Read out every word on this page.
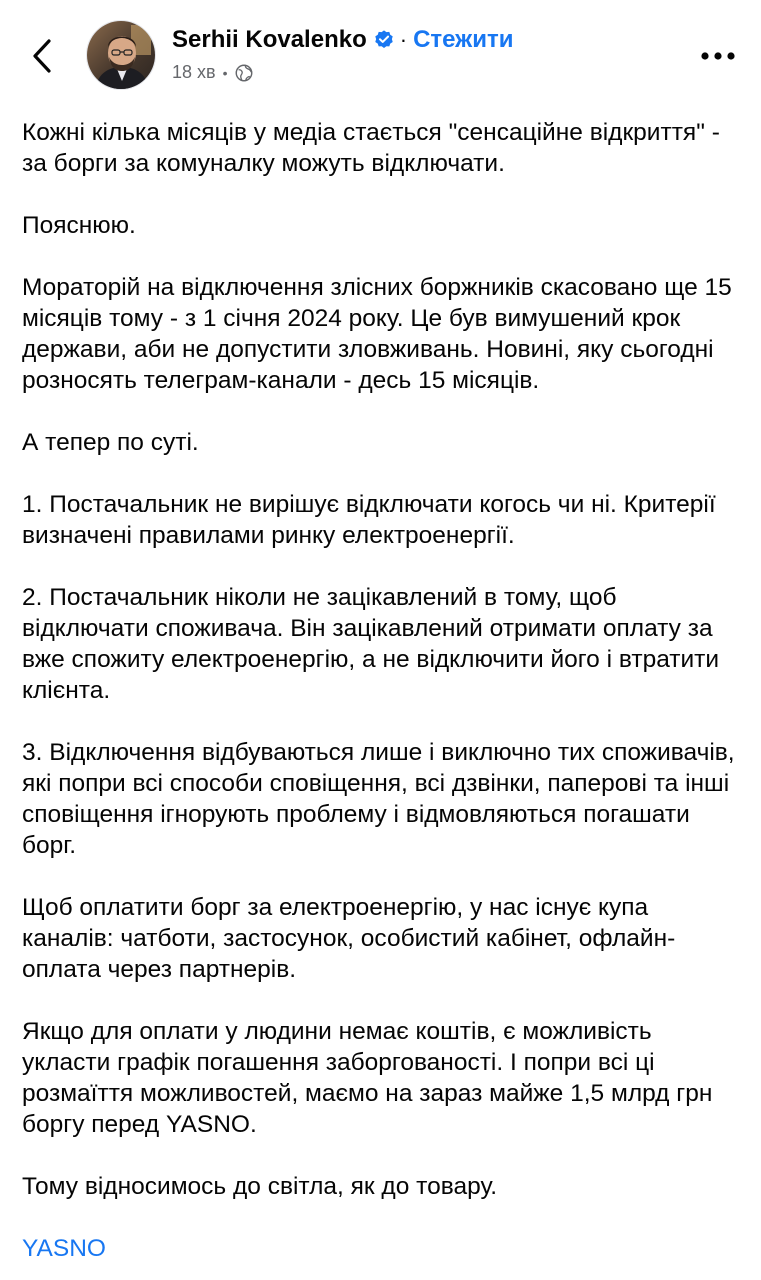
Serhii Kovalenko · Стежити
18 хв •

Кожні кілька місяців у медіа стається "сенсаційне відкриття" - за борги за комуналку можуть відключати.

Пояснюю.

Мораторій на відключення злісних боржників скасовано ще 15 місяців тому - з 1 січня 2024 року. Це був вимушений крок держави, аби не допустити зловживань. Новині, яку сьогодні розносять телеграм-канали - десь 15 місяців.

А тепер по суті.

1. Постачальник не вирішує відключати когось чи ні. Критерії визначені правилами ринку електроенергії.

2. Постачальник ніколи не зацікавлений в тому, щоб відключати споживача. Він зацікавлений отримати оплату за вже спожиту електроенергію, а не відключити його і втратити клієнта.

3. Відключення відбуваються лише і виключно тих споживачів, які попри всі способи сповіщення, всі дзвінки, паперові та інші сповіщення ігнорують проблему і відмовляються погашати борг.

Щоб оплатити борг за електроенергію, у нас існує купа каналів: чатботи, застосунок, особистий кабінет, офлайн-оплата через партнерів.

Якщо для оплати у людини немає коштів, є можливість укласти графік погашення заборгованості. І попри всі ці розмаїття можливостей, маємо на зараз майже 1,5 млрд грн боргу перед YASNO.

Тому відносимось до світла, як до товару.

YASNO
